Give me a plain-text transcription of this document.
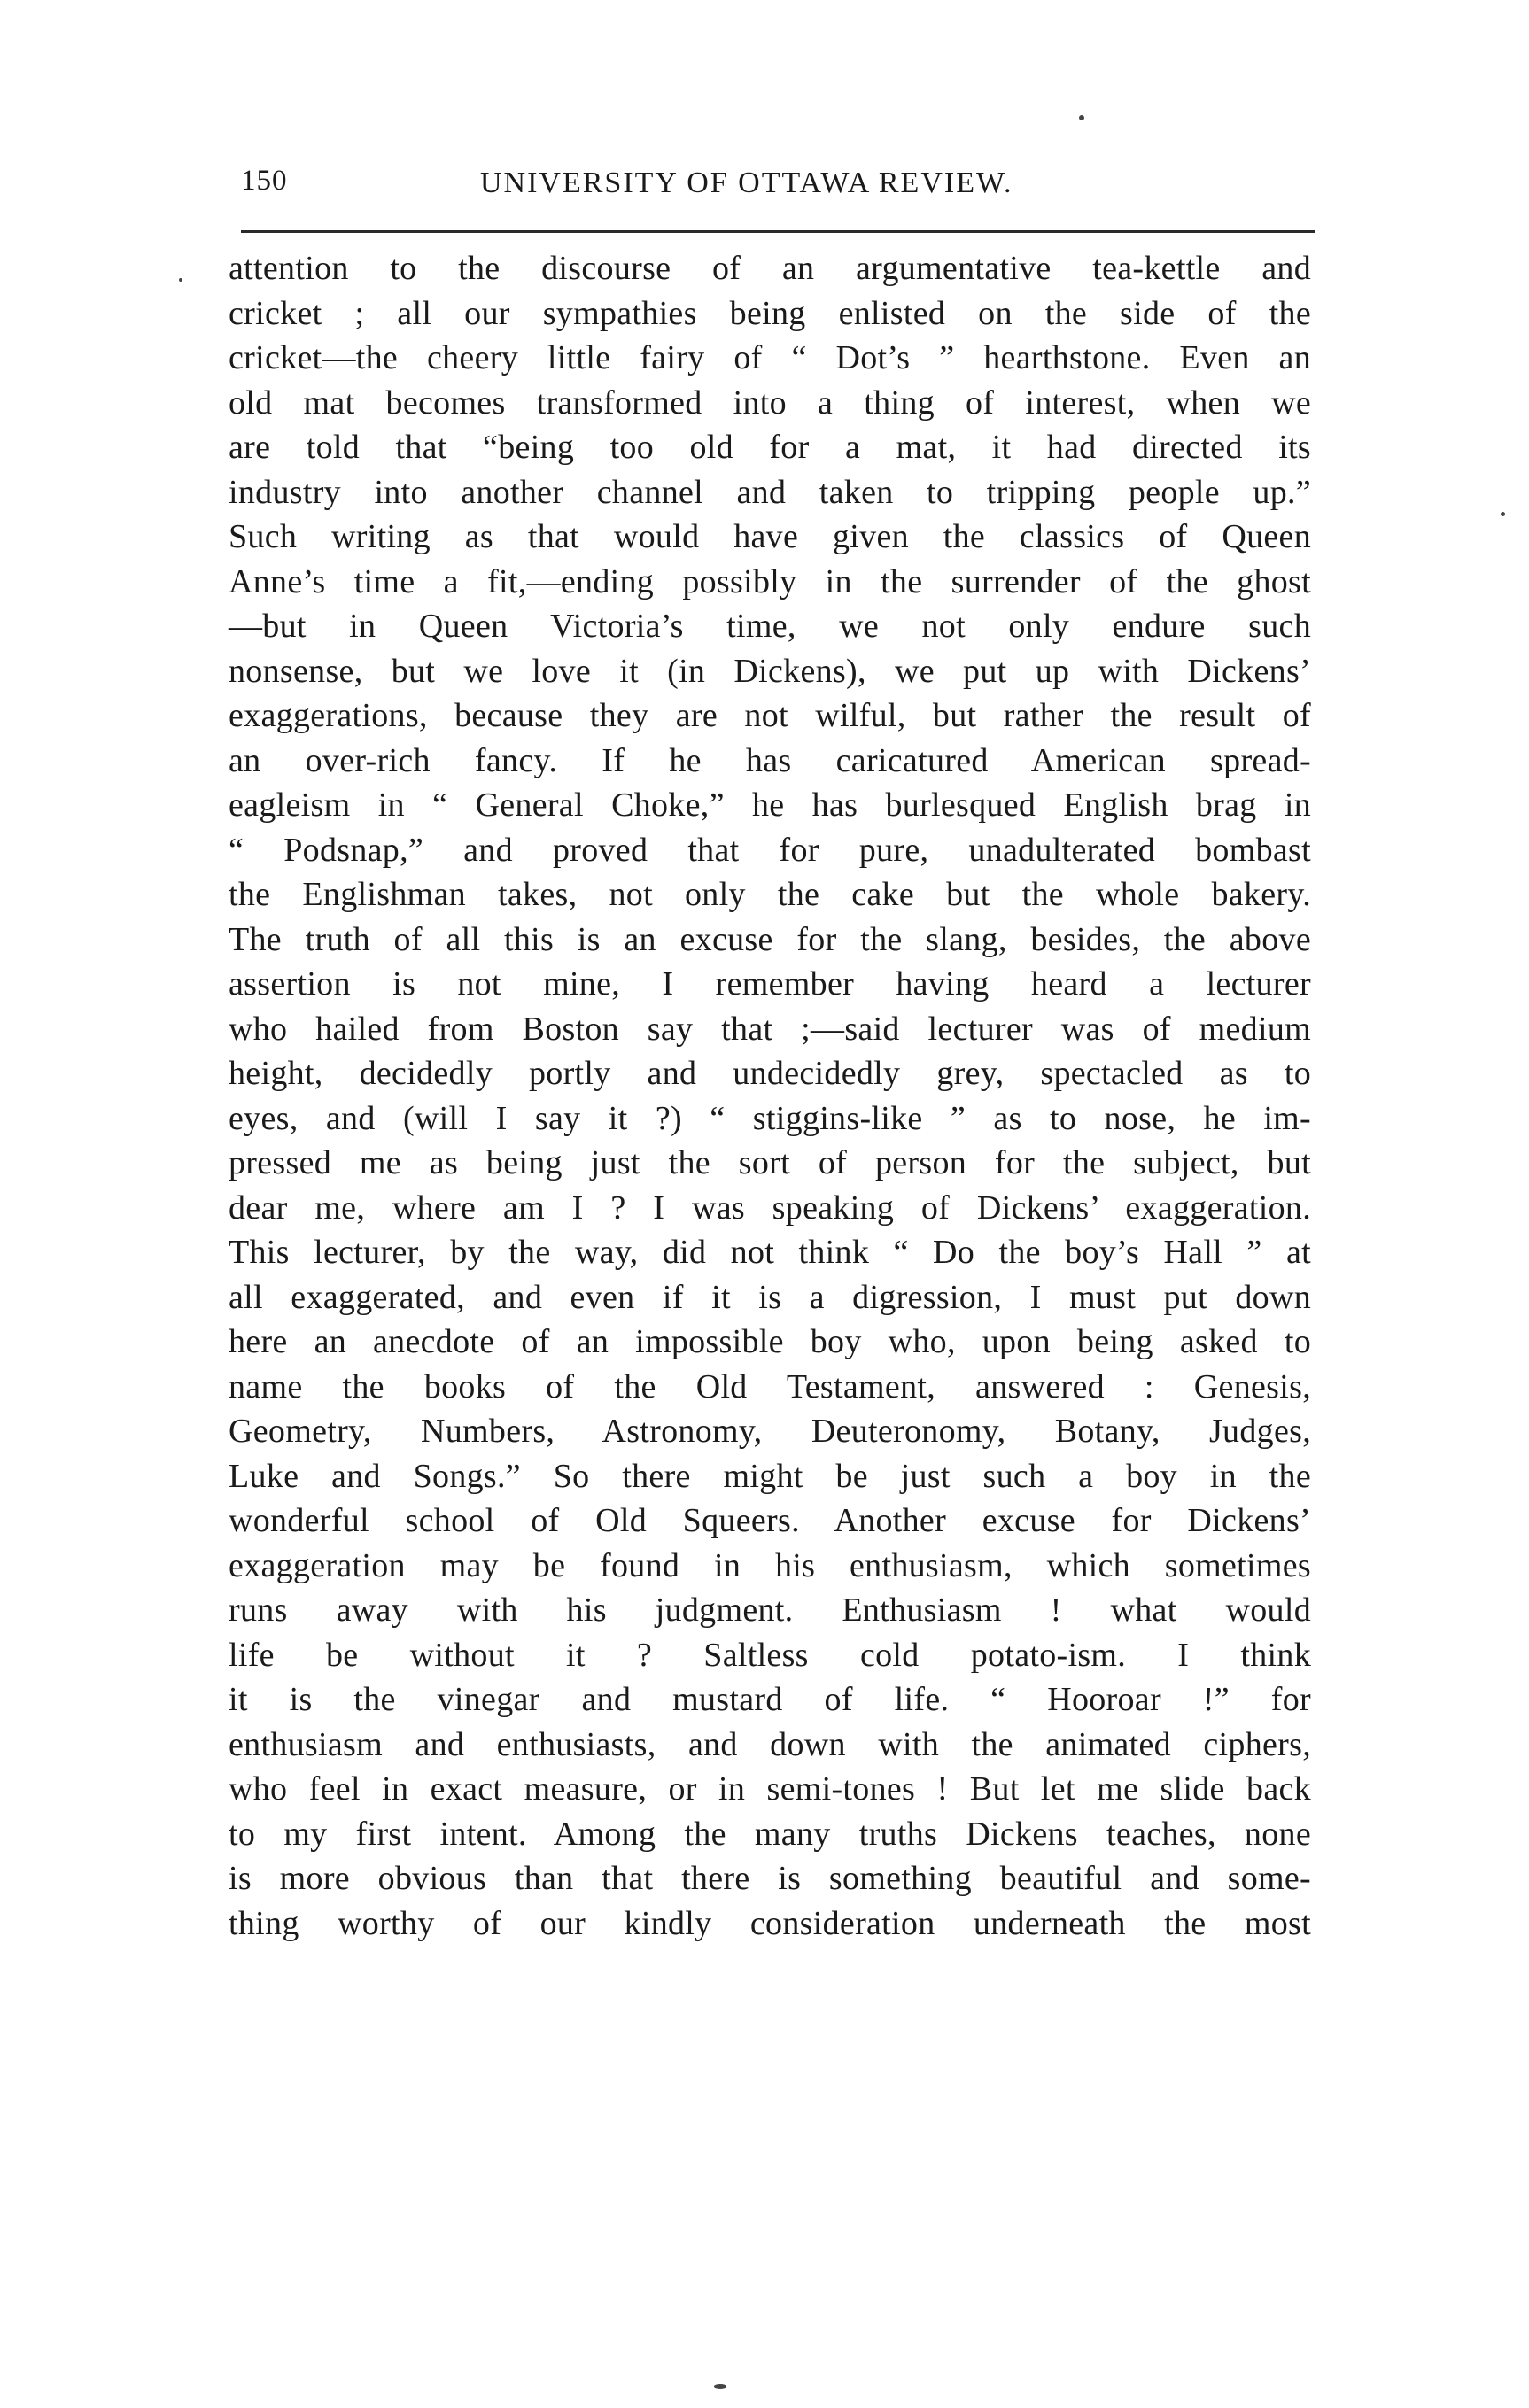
150	UNIVERSITY OF OTTAWA REVIEW.
attention to the discourse of an argumentative tea-kettle and
cricket ; all our sympathies being enlisted on the side of the
cricket—the cheery little fairy of “ Dot’s ” hearthstone. Even an
old mat becomes transformed into a thing of interest, when we
are told that “being too old for a mat, it had directed its
industry into another channel and taken to tripping people up.”
Such writing as that would have given the classics of Queen
Anne’s time a fit,—ending possibly in the surrender of the ghost
—but in Queen Victoria’s time, we not only endure such
nonsense, but we love it (in Dickens), we put up with Dickens’
exaggerations, because they are not wilful, but rather the result of
an over-rich fancy. If he has caricatured American spread-
eagleism in “ General Choke,” he has burlesqued English brag in
“ Podsnap,” and proved that for pure, unadulterated bombast
the Englishman takes, not only the cake but the whole bakery.
The truth of all this is an excuse for the slang, besides, the above
assertion is not mine, I remember having heard a lecturer
who hailed from Boston say that ;—said lecturer was of medium
height, decidedly portly and undecidedly grey, spectacled as to
eyes, and (will I say it ?) “ stiggins-like ” as to nose, he im-
pressed me as being just the sort of person for the subject, but
dear me, where am I ? I was speaking of Dickens’ exaggeration.
This lecturer, by the way, did not think “ Do the boy’s Hall ” at
all exaggerated, and even if it is a digression, I must put down
here an anecdote of an impossible boy who, upon being asked to
name the books of the Old Testament, answered : Genesis,
Geometry, Numbers, Astronomy, Deuteronomy, Botany, Judges,
Luke and Songs.” So there might be just such a boy in the
wonderful school of Old Squeers. Another excuse for Dickens’
exaggeration may be found in his enthusiasm, which sometimes
runs away with his judgment. Enthusiasm ! what would
life be without it ? Saltless cold potato-ism. I think
it is the vinegar and mustard of life. “ Hooroar !” for
enthusiasm and enthusiasts, and down with the animated ciphers,
who feel in exact measure, or in semi-tones ! But let me slide back
to my first intent. Among the many truths Dickens teaches, none
is more obvious than that there is something beautiful and some-
thing worthy of our kindly consideration underneath the most
